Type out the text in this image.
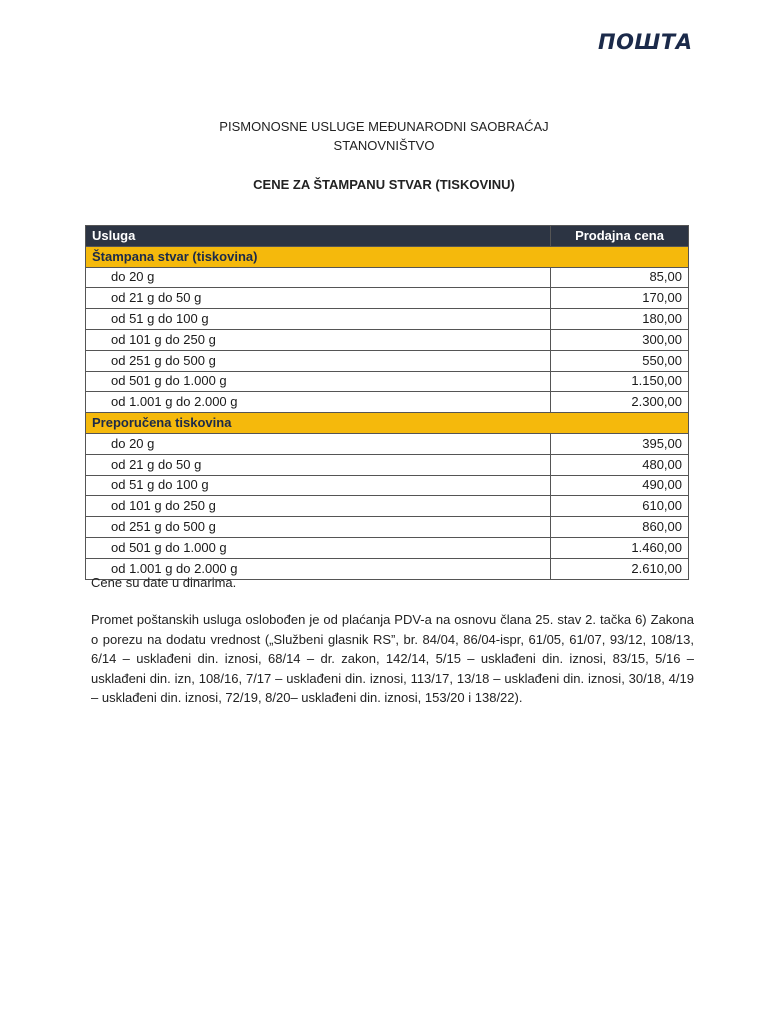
ПОШТА
PISMONOSNE USLUGE MEĐUNARODNI SAOBRAĆAJ
STANOVNIŠTVO
CENE ZA ŠTAMPANU STVAR (TISKOVINU)
Usluga	Prodajna cena
Štampana stvar (tiskovina)	
do 20 g	85,00
od 21 g do 50 g	170,00
od 51 g do 100 g	180,00
od 101 g do 250 g	300,00
od 251 g do 500 g	550,00
od 501 g do 1.000 g	1.150,00
od 1.001 g do 2.000 g	2.300,00
Preporučena tiskovina	
do 20 g	395,00
od 21 g do 50 g	480,00
od 51 g do 100 g	490,00
od 101 g do 250 g	610,00
od 251 g do 500 g	860,00
od 501 g do 1.000 g	1.460,00
od 1.001 g do 2.000 g	2.610,00
Cene su date u dinarima.
Promet poštanskih usluga oslobođen je od plaćanja PDV-a na osnovu člana 25. stav 2. tačka 6) Zakona o porezu na dodatu vrednost („Službeni glasnik RS”, br. 84/04, 86/04-ispr, 61/05, 61/07, 93/12, 108/13, 6/14 – usklađeni din. iznosi, 68/14 – dr. zakon, 142/14, 5/15 – usklađeni din. iznosi, 83/15, 5/16 – usklađeni din. izn, 108/16, 7/17 – usklađeni din. iznosi, 113/17, 13/18 – usklađeni din. iznosi, 30/18, 4/19 – usklađeni din. iznosi, 72/19, 8/20– usklađeni din. iznosi, 153/20 i 138/22).
